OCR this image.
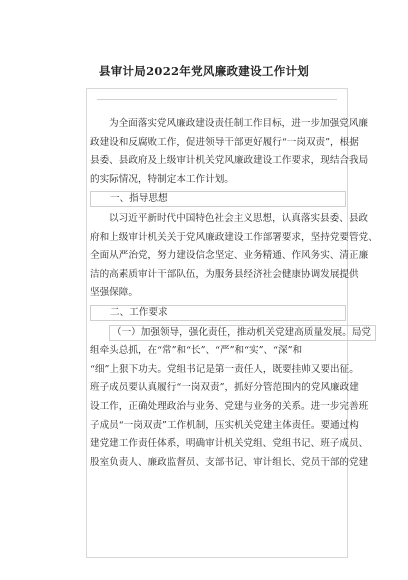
县审计局2022年党风廉政建设工作计划
为全面落实党风廉政建设责任制工作目标，进一步加强党风廉
政建设和反腐败工作，促进领导干部更好履行“一岗双责”，根据
县委、县政府及上级审计机关党风廉政建设工作要求，现结合我局
的实际情况，特制定本工作计划。
一、指导思想
以习近平新时代中国特色社会主义思想，认真落实县委、县政
府和上级审计机关关于党风廉政建设工作部署要求，坚持党要管党、
全面从严治党，努力建设信念坚定、业务精通、作风务实、清正廉
洁的高素质审计干部队伍，为服务县经济社会健康协调发展提供
坚强保障。
二、工作要求
（一）加强领导，强化责任，推动机关党建高质量发展。局党
组牵头总抓，在“常”和“长”、“严”和“实”、“深”和
“细”上狠下功夫。党组书记是第一责任人，既要挂帅又要出征。
班子成员要认真履行“一岗双责”，抓好分管范围内的党风廉政建
设工作，正确处理政治与业务、党建与业务的关系。进一步完善班
子成员“一岗双责”工作机制，压实机关党建主体责任。要通过构
建党建工作责任体系，明确审计机关党组、党组书记、班子成员、
股室负责人、廉政监督员、支部书记、审计组长、党员干部的党建
